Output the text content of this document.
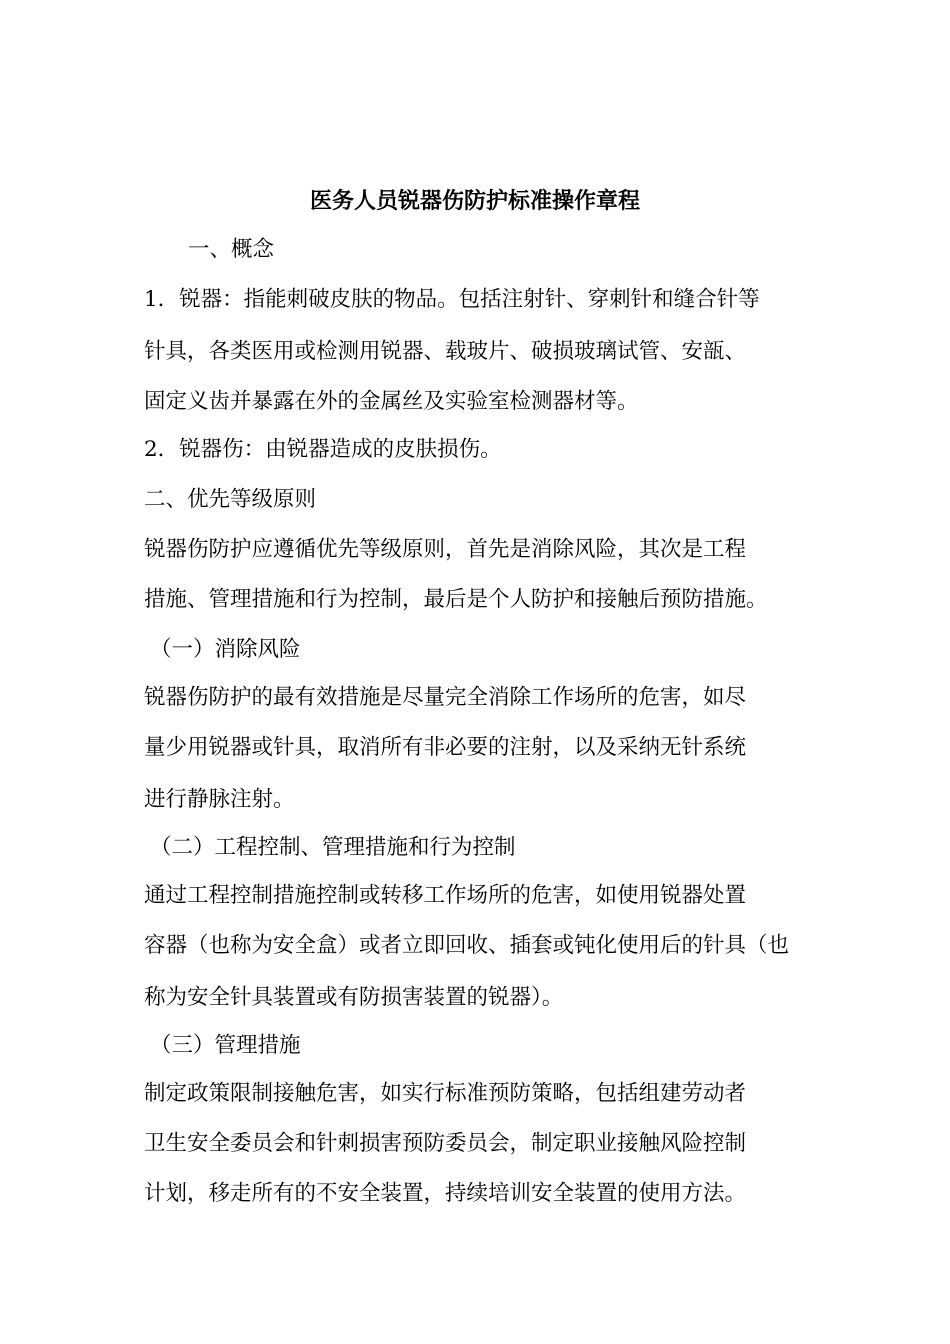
医务人员锐器伤防护标准操作章程
一、概念
1．锐器：指能刺破皮肤的物品。包括注射针、穿刺针和缝合针等
针具，各类医用或检测用锐器、载玻片、破损玻璃试管、安瓿、
固定义齿并暴露在外的金属丝及实验室检测器材等。
2．锐器伤：由锐器造成的皮肤损伤。
二、优先等级原则
锐器伤防护应遵循优先等级原则，首先是消除风险，其次是工程
措施、管理措施和行为控制，最后是个人防护和接触后预防措施。
（一）消除风险
锐器伤防护的最有效措施是尽量完全消除工作场所的危害，如尽
量少用锐器或针具，取消所有非必要的注射，以及采纳无针系统
进行静脉注射。
（二）工程控制、管理措施和行为控制
通过工程控制措施控制或转移工作场所的危害，如使用锐器处置
容器（也称为安全盒）或者立即回收、插套或钝化使用后的针具（也
称为安全针具装置或有防损害装置的锐器）。
（三）管理措施
制定政策限制接触危害，如实行标准预防策略，包括组建劳动者
卫生安全委员会和针刺损害预防委员会，制定职业接触风险控制
计划，移走所有的不安全装置，持续培训安全装置的使用方法。
